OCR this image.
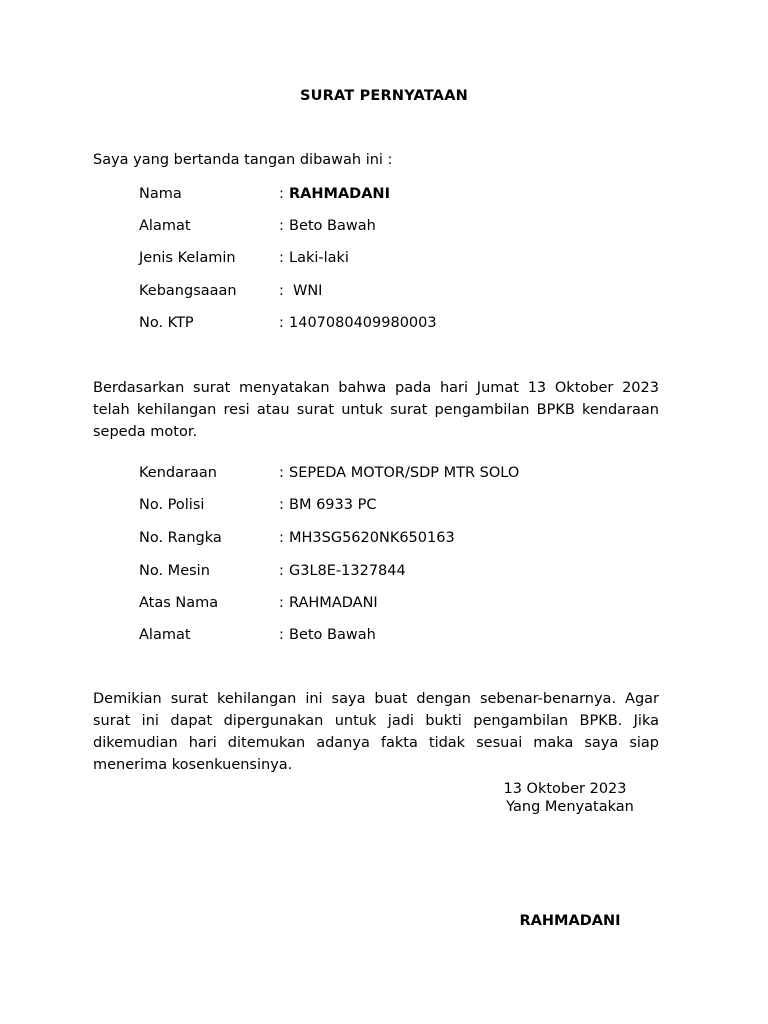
SURAT PERNYATAAN
Saya yang bertanda tangan dibawah ini :
Nama	: RAHMADANI
Alamat	: Beto Bawah
Jenis Kelamin	: Laki-laki
Kebangsaaan	: WNI
No. KTP	: 1407080409980003
Berdasarkan surat menyatakan bahwa pada hari Jumat 13 Oktober 2023 telah kehilangan resi atau surat untuk surat pengambilan BPKB kendaraan sepeda motor.
Kendaraan	: SEPEDA MOTOR/SDP MTR SOLO
No. Polisi	: BM 6933 PC
No. Rangka	: MH3SG5620NK650163
No. Mesin	: G3L8E-1327844
Atas Nama	: RAHMADANI
Alamat	: Beto Bawah
Demikian surat kehilangan ini saya buat dengan sebenar-benarnya. Agar surat ini dapat dipergunakan untuk jadi bukti pengambilan BPKB. Jika dikemudian hari ditemukan adanya fakta tidak sesuai maka saya siap menerima kosenkuensinya.
13 Oktober 2023
Yang Menyatakan
RAHMADANI
